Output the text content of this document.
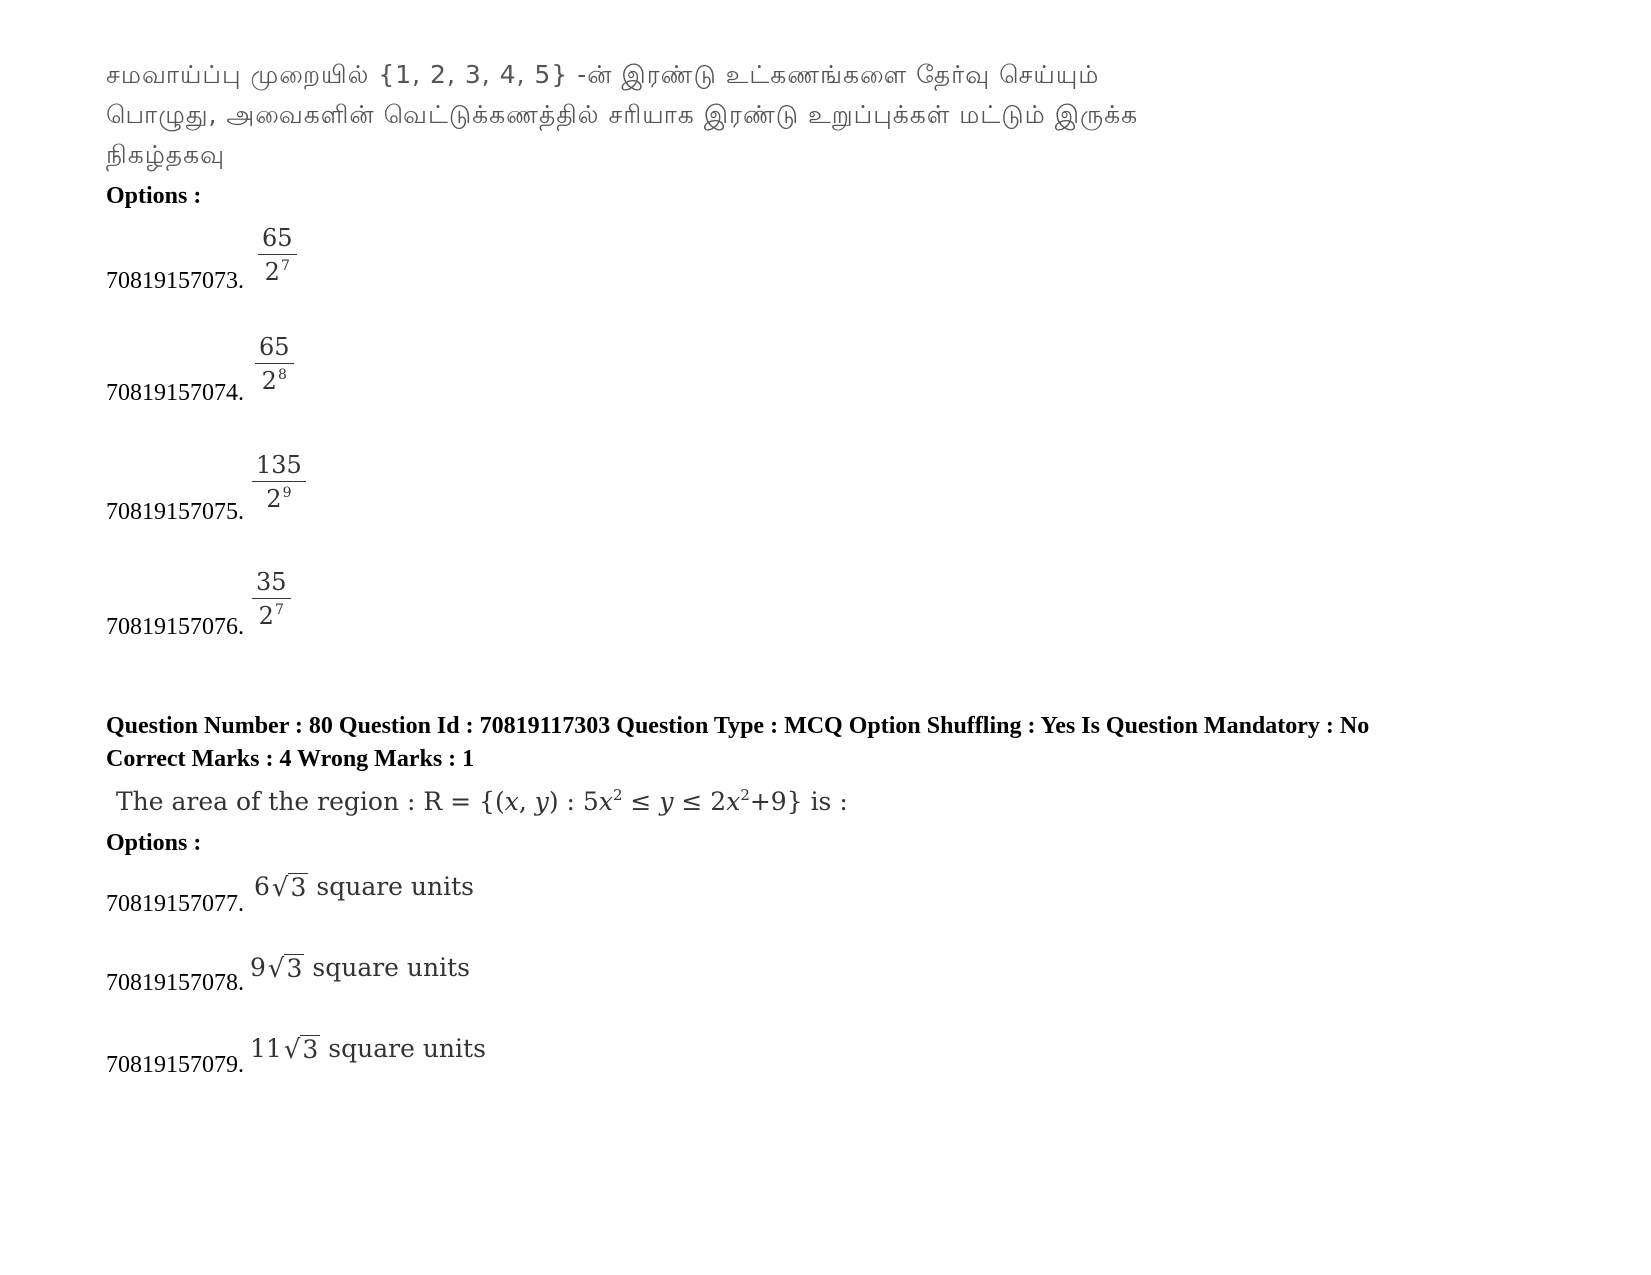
சமவாய்ப்பு முறையில் {1, 2, 3, 4, 5} -ன் இரண்டு உட்கணங்களை தேர்வு செய்யும்
பொழுது, அவைகளின் வெட்டுக்கணத்தில் சரியாக இரண்டு உறுப்புக்கள் மட்டும் இருக்க
நிகழ்தகவு
Options :
70819157073. $\frac{65}{2^7}$
70819157074. $\frac{65}{2^8}$
70819157075.
$\frac{135}{2^9}$
70819157076. $\frac{35}{2^7}$
Question Number : 80 Question Id : 70819117303 Question Type : MCQ Option Shuffling : Yes Is Question Mandatory : No
Correct Marks : 4 Wrong Marks : 1
The area of the region : R = {(x, y) : $5x^2 \le y \le 2x^2+9$} is :
Options :
70819157077.
6 √ 3 square units
70819157078.
9 √ 3 square units
70819157079.
11 √ 3 square units
